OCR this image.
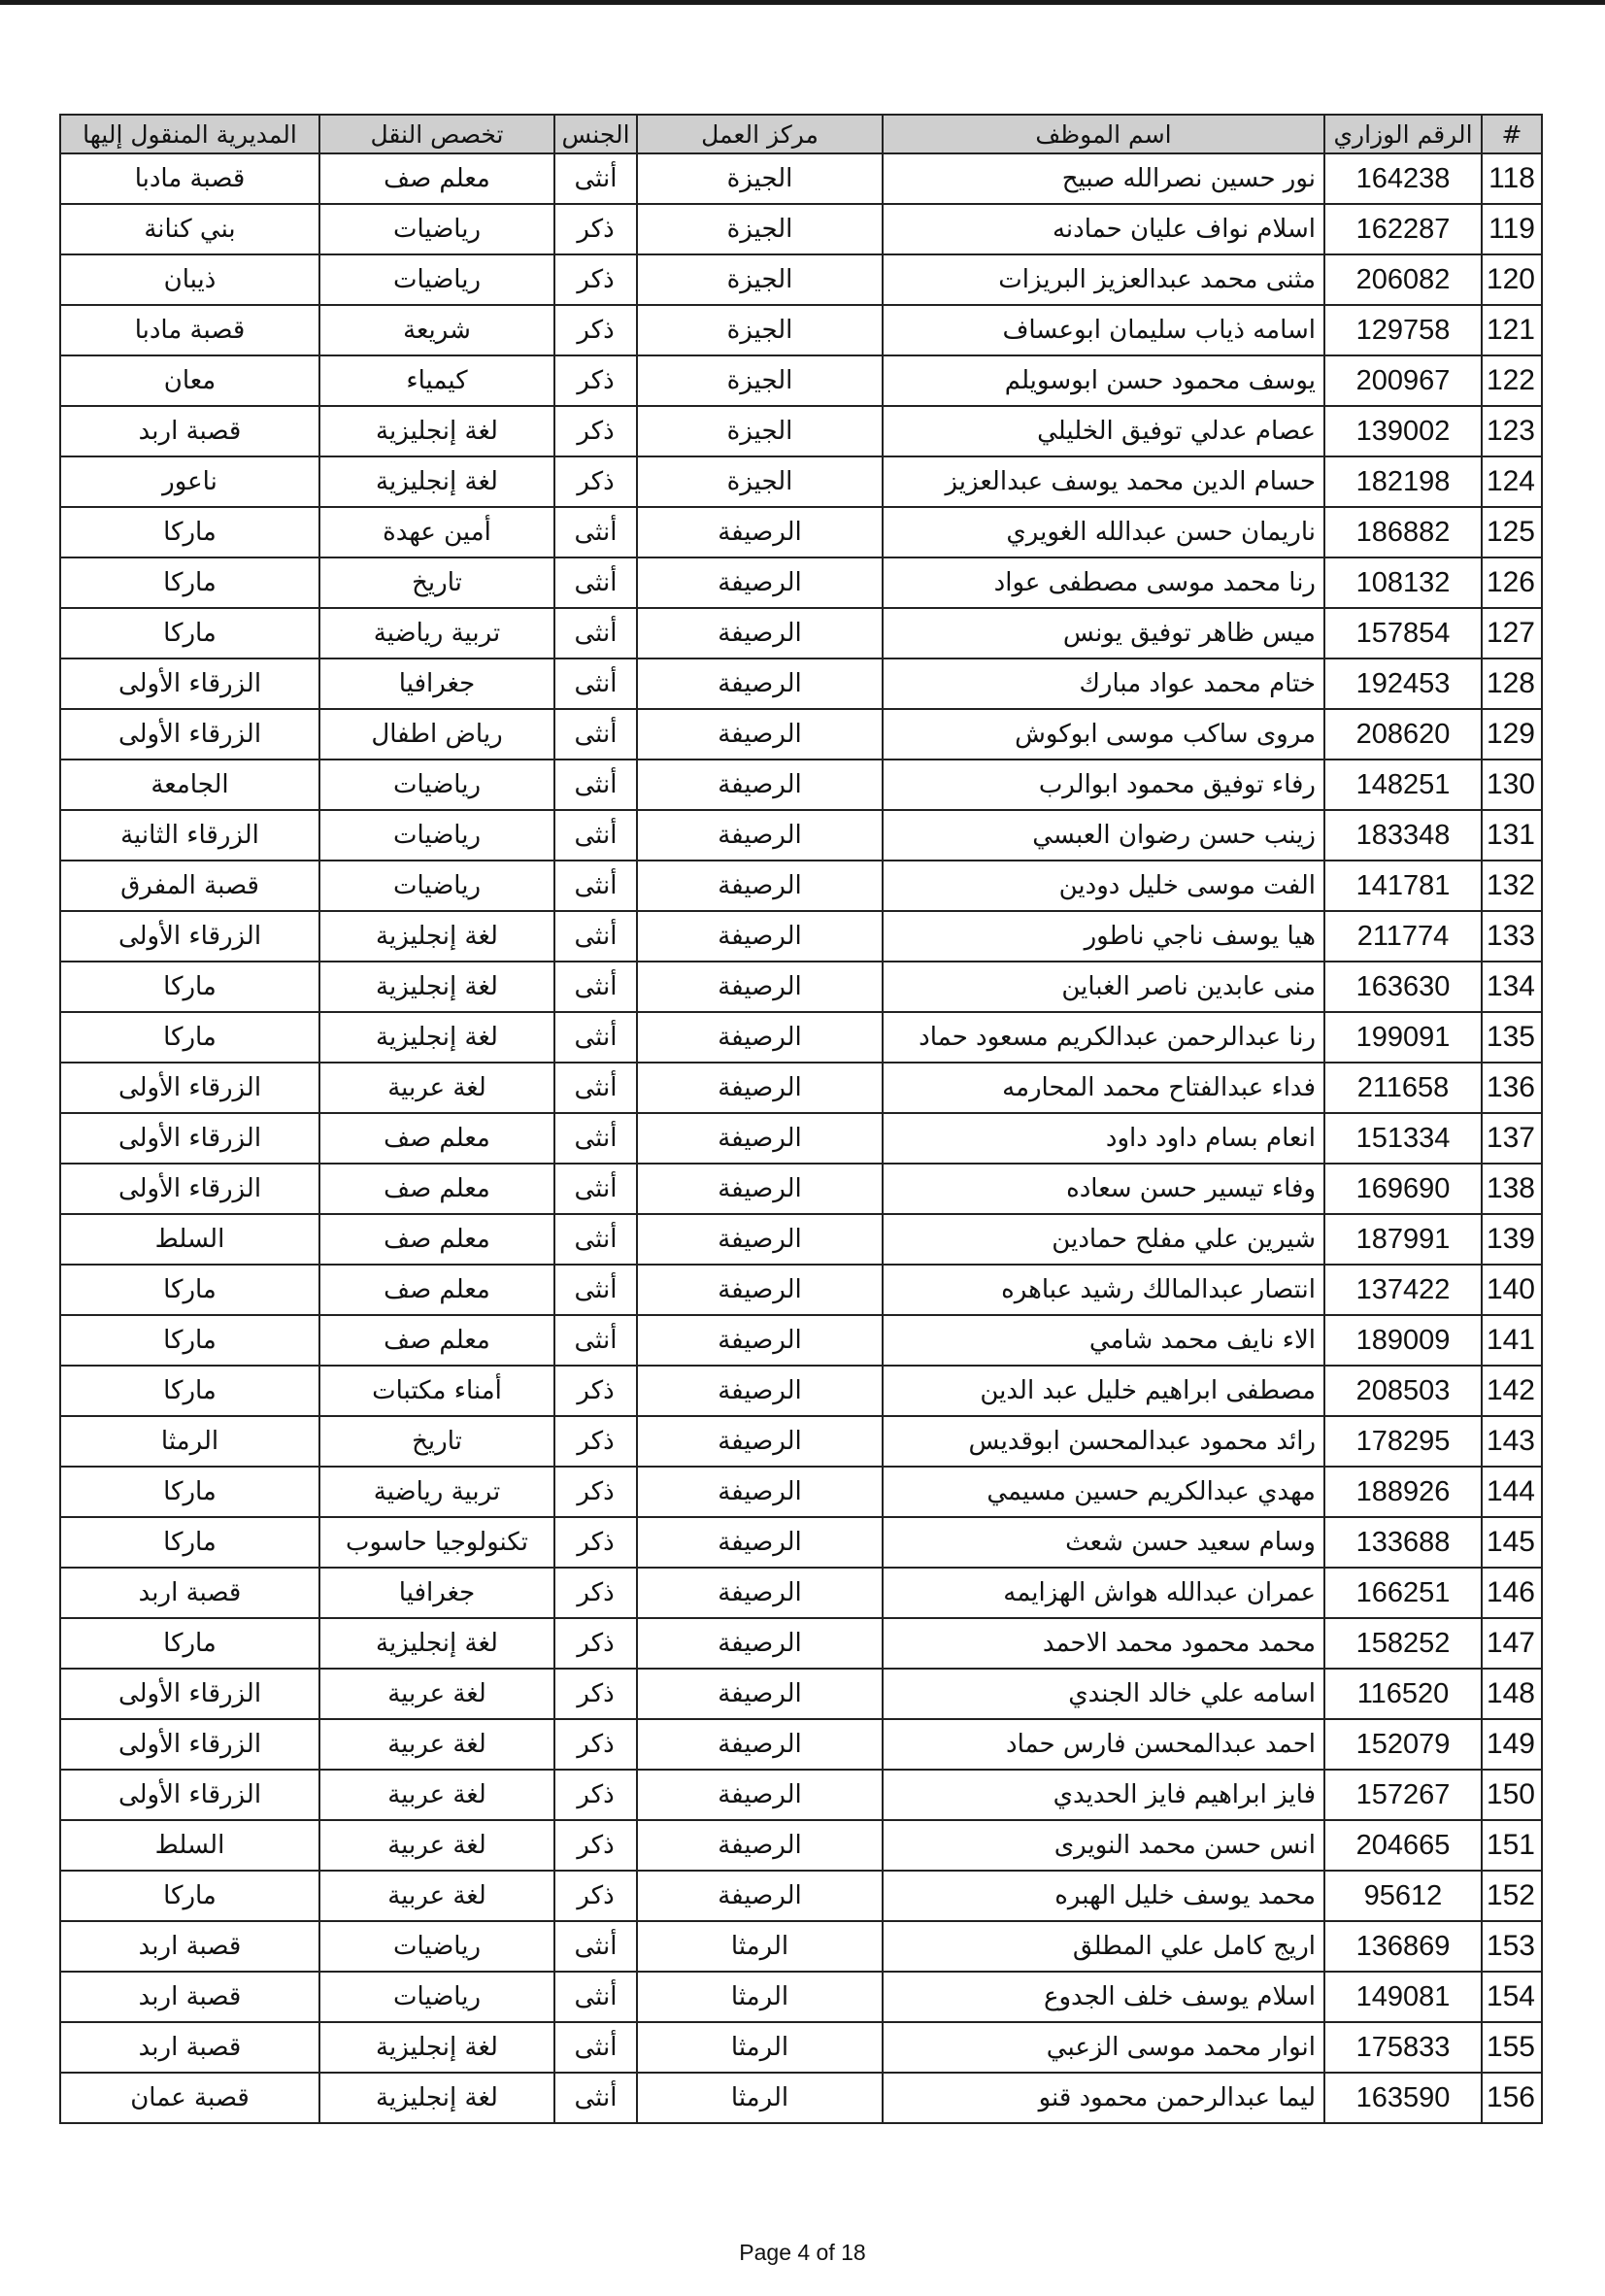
#	الرقم الوزاري	اسم الموظف	مركز العمل	الجنس	تخصص النقل	المديرية المنقول إليها
118	164238	نور حسين نصرالله صبيح	الجيزة	أنثى	معلم صف	قصبة مادبا
119	162287	اسلام نواف عليان حمادنه	الجيزة	ذكر	رياضيات	بني كنانة
120	206082	مثنى محمد عبدالعزيز البريزات	الجيزة	ذكر	رياضيات	ذيبان
121	129758	اسامه ذياب سليمان ابوعساف	الجيزة	ذكر	شريعة	قصبة مادبا
122	200967	يوسف محمود حسن ابوسويلم	الجيزة	ذكر	كيمياء	معان
123	139002	عصام عدلي توفيق الخليلي	الجيزة	ذكر	لغة إنجليزية	قصبة اربد
124	182198	حسام الدين محمد يوسف عبدالعزيز	الجيزة	ذكر	لغة إنجليزية	ناعور
125	186882	ناريمان حسن عبدالله الغويري	الرصيفة	أنثى	أمين عهدة	ماركا
126	108132	رنا محمد موسى مصطفى عواد	الرصيفة	أنثى	تاريخ	ماركا
127	157854	ميس ظاهر توفيق يونس	الرصيفة	أنثى	تربية رياضية	ماركا
128	192453	ختام محمد عواد مبارك	الرصيفة	أنثى	جغرافيا	الزرقاء الأولى
129	208620	مروى ساكب موسى ابوكوش	الرصيفة	أنثى	رياض اطفال	الزرقاء الأولى
130	148251	رفاء توفيق محمود ابوالرب	الرصيفة	أنثى	رياضيات	الجامعة
131	183348	زينب حسن رضوان العبسي	الرصيفة	أنثى	رياضيات	الزرقاء الثانية
132	141781	الفت موسى خليل دودين	الرصيفة	أنثى	رياضيات	قصبة المفرق
133	211774	هيا يوسف ناجي ناطور	الرصيفة	أنثى	لغة إنجليزية	الزرقاء الأولى
134	163630	منى عابدين ناصر الغباين	الرصيفة	أنثى	لغة إنجليزية	ماركا
135	199091	رنا عبدالرحمن عبدالكريم مسعود حماد	الرصيفة	أنثى	لغة إنجليزية	ماركا
136	211658	فداء عبدالفتاح محمد المحارمه	الرصيفة	أنثى	لغة عربية	الزرقاء الأولى
137	151334	انعام بسام داود داود	الرصيفة	أنثى	معلم صف	الزرقاء الأولى
138	169690	وفاء تيسير حسن سعاده	الرصيفة	أنثى	معلم صف	الزرقاء الأولى
139	187991	شيرين علي مفلح حمادين	الرصيفة	أنثى	معلم صف	السلط
140	137422	انتصار عبدالمالك رشيد عباهره	الرصيفة	أنثى	معلم صف	ماركا
141	189009	الاء نايف محمد شامي	الرصيفة	أنثى	معلم صف	ماركا
142	208503	مصطفى ابراهيم خليل عبد الدين	الرصيفة	ذكر	أمناء مكتبات	ماركا
143	178295	رائد محمود عبدالمحسن ابوقديس	الرصيفة	ذكر	تاريخ	الرمثا
144	188926	مهدي عبدالكريم حسين مسيمي	الرصيفة	ذكر	تربية رياضية	ماركا
145	133688	وسام سعيد حسن شعث	الرصيفة	ذكر	تكنولوجيا حاسوب	ماركا
146	166251	عمران عبدالله هواش الهزايمه	الرصيفة	ذكر	جغرافيا	قصبة اربد
147	158252	محمد محمود محمد الاحمد	الرصيفة	ذكر	لغة إنجليزية	ماركا
148	116520	اسامه علي خالد الجندي	الرصيفة	ذكر	لغة عربية	الزرقاء الأولى
149	152079	احمد عبدالمحسن فارس حماد	الرصيفة	ذكر	لغة عربية	الزرقاء الأولى
150	157267	فايز ابراهيم فايز الحديدي	الرصيفة	ذكر	لغة عربية	الزرقاء الأولى
151	204665	انس حسن محمد النويرى	الرصيفة	ذكر	لغة عربية	السلط
152	95612	محمد يوسف خليل الهبره	الرصيفة	ذكر	لغة عربية	ماركا
153	136869	اريج كامل علي المطلق	الرمثا	أنثى	رياضيات	قصبة اربد
154	149081	اسلام يوسف خلف الجدوع	الرمثا	أنثى	رياضيات	قصبة اربد
155	175833	انوار محمد موسى الزعبي	الرمثا	أنثى	لغة إنجليزية	قصبة اربد
156	163590	ليما عبدالرحمن محمود قنو	الرمثا	أنثى	لغة إنجليزية	قصبة عمان
Page 4 of 18
